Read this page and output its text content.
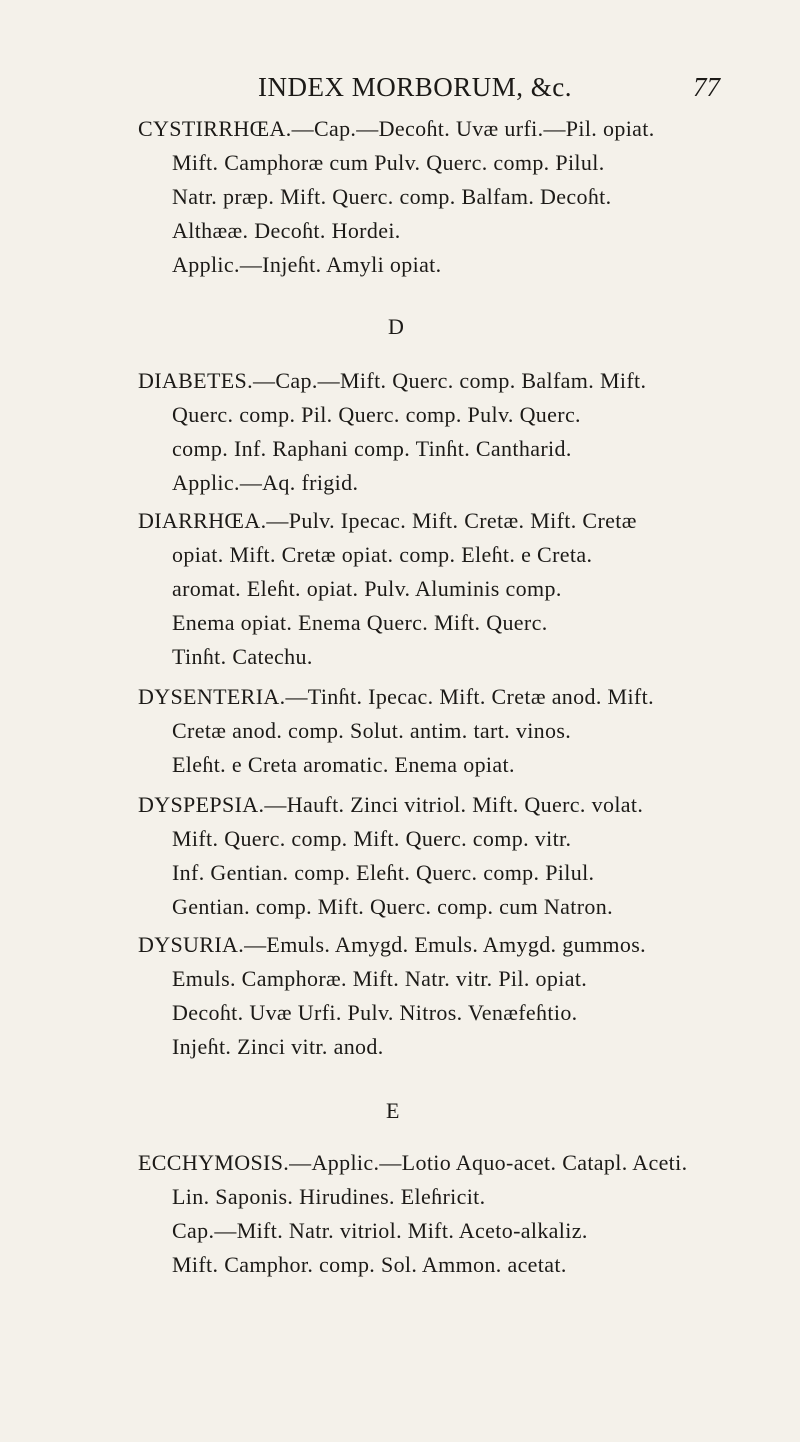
INDEX MORBORUM, &c.	77
CYSTIRRHŒA.—Cap.—Decoɦt. Uvæ urfi.—Pil. opiat.
Mift. Camphoræ cum Pulv. Querc. comp. Pilul.
Natr. præp. Mift. Querc. comp. Balfam. Decoɦt.
Althææ. Decoɦt. Hordei.
Applic.—Injeɦt. Amyli opiat.
D
DIABETES.—Cap.—Mift. Querc. comp. Balfam. Mift.
Querc. comp. Pil. Querc. comp. Pulv. Querc.
comp. Inf. Raphani comp. Tinɦt. Cantharid.
Applic.—Aq. frigid.
DIARRHŒA.—Pulv. Ipecac. Mift. Cretæ. Mift. Cretæ
opiat. Mift. Cretæ opiat. comp. Eleɦt. e Creta.
aromat. Eleɦt. opiat. Pulv. Aluminis comp.
Enema opiat. Enema Querc. Mift. Querc.
Tinɦt. Catechu.
DYSENTERIA.—Tinɦt. Ipecac. Mift. Cretæ anod. Mift.
Cretæ anod. comp. Solut. antim. tart. vinos.
Eleɦt. e Creta aromatic. Enema opiat.
DYSPEPSIA.—Hauft. Zinci vitriol. Mift. Querc. volat.
Mift. Querc. comp. Mift. Querc. comp. vitr.
Inf. Gentian. comp. Eleɦt. Querc. comp. Pilul.
Gentian. comp. Mift. Querc. comp. cum Natron.
DYSURIA.—Emuls. Amygd. Emuls. Amygd. gummos.
Emuls. Camphoræ. Mift. Natr. vitr. Pil. opiat.
Decoɦt. Uvæ Urfi. Pulv. Nitros. Venæfeɦtio.
Injeɦt. Zinci vitr. anod.
E
ECCHYMOSIS.—Applic.—Lotio Aquo-acet. Catapl. Aceti.
Lin. Saponis. Hirudines. Eleɦricit.
Cap.—Mift. Natr. vitriol. Mift. Aceto-alkaliz.
Mift. Camphor. comp. Sol. Ammon. acetat.
